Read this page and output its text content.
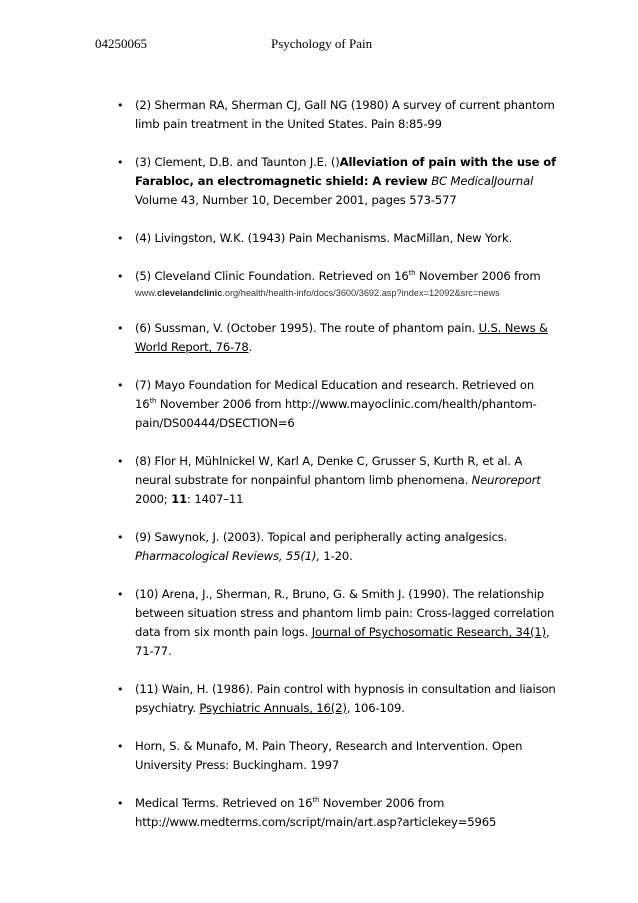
04250065	Psychology of Pain
• (2) Sherman RA, Sherman CJ, Gall NG (1980) A survey of current phantom limb pain treatment in the United States. Pain 8:85-99
• (3) Clement, D.B. and Taunton J.E. ()Alleviation of pain with the use of Farabloc, an electromagnetic shield: A review BC MedicalJournal
Volume 43, Number 10, December 2001, pages 573-577
• (4) Livingston, W.K. (1943) Pain Mechanisms. MacMillan, New York.
• (5) Cleveland Clinic Foundation. Retrieved on 16th November 2006 from
www.clevelandclinic.org/health/health-info/docs/3600/3692.asp?index=12092&src=news
• (6) Sussman, V. (October 1995). The route of phantom pain. U.S. News & World Report, 76-78.
• (7) Mayo Foundation for Medical Education and research. Retrieved on 16th November 2006 from http://www.mayoclinic.com/health/phantom-pain/DS00444/DSECTION=6
• (8) Flor H, Mühlnickel W, Karl A, Denke C, Grusser S, Kurth R, et al. A neural substrate for nonpainful phantom limb phenomena. Neuroreport
2000; 11: 1407–11
• (9) Sawynok, J. (2003). Topical and peripherally acting analgesics.
Pharmacological Reviews, 55(1), 1-20.
• (10) Arena, J., Sherman, R., Bruno, G. & Smith J. (1990). The relationship between situation stress and phantom limb pain: Cross-lagged correlation data from six month pain logs. Journal of Psychosomatic Research, 34(1), 71-77.
• (11) Wain, H. (1986). Pain control with hypnosis in consultation and liaison psychiatry. Psychiatric Annuals, 16(2), 106-109.
• Horn, S. & Munafo, M. Pain Theory, Research and Intervention. Open University Press: Buckingham. 1997
• Medical Terms. Retrieved on 16th November 2006 from http://www.medterms.com/script/main/art.asp?articlekey=5965
